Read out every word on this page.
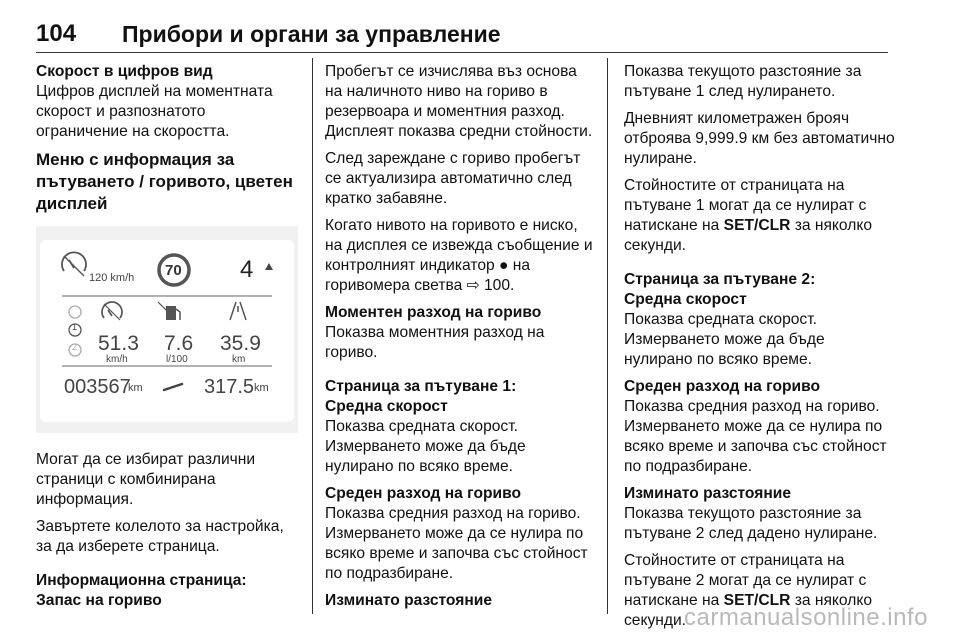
104 Прибори и органи за управление

Скорост в цифров вид

Цифров дисплей на моментната скорост и разпознатото ограничение на скоростта.

Меню с информация за пътуването / горивото, цветен дисплей

120 km/h 70 4
1
2 51.3
km/h
7.6
l/100
35.9
km
003567
km	317.5 km

Могат да се избират различни страници с комбинирана информация.

Завъртете колелото за настройка, за да изберете страница.

Информационна страница:

Запас на гориво

Пробегът се изчислява въз основа на наличното ниво на гориво в резервоара и моментния разход. Дисплеят показва средни стойности.

След зареждане с гориво пробегът се актуализира автоматично след кратко забавяне.

Когато нивото на горивото е ниско, на дисплея се извежда съобщение и контролният индикатор ● на горивомера светва ⇨ 100.

Моментен разход на гориво

Показва моментния разход на гориво.

Страница за пътуване 1:

Средна скорост

Показва средната скорост. Измерването може да бъде нулирано по всяко време.

Среден разход на гориво

Показва средния разход на гориво. Измерването може да се нулира по всяко време и започва със стойност по подразбиране.

Изминато разстояние

Показва текущото разстояние за пътуване 1 след нулирането.

Дневният километражен брояч отброява 9,999.9 км без автоматично нулиране.

Стойностите от страницата на пътуване 1 могат да се нулират с натискане на SET/CLR за няколко секунди.

Страница за пътуване 2:

Средна скорост

Показва средната скорост. Измерването може да бъде нулирано по всяко време.

Среден разход на гориво

Показва средния разход на гориво. Измерването може да се нулира по всяко време и започва със стойност по подразбиране.

Изминато разстояние

Показва текущото разстояние за пътуване 2 след дадено нулиране.

Стойностите от страницата на пътуване 2 могат да се нулират с натискане на SET/CLR за няколко секунди.

carmanualsonline.info
